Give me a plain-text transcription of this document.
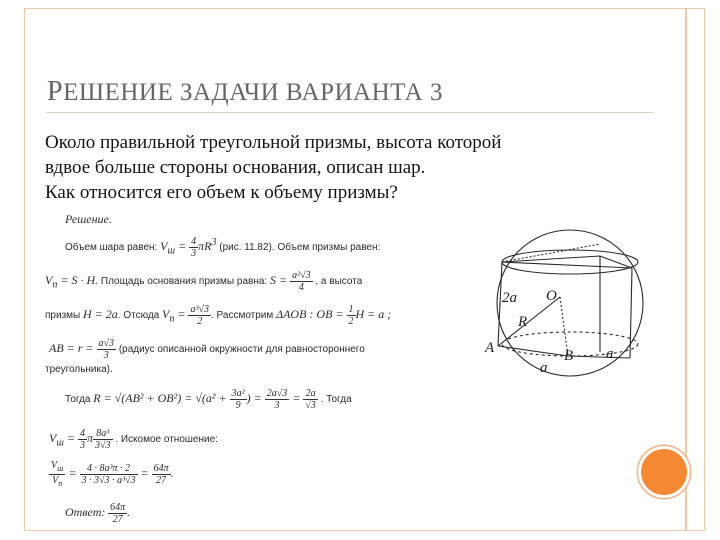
РЕШЕНИЕ ЗАДАЧИ ВАРИАНТА 3
Около правильной треугольной призмы, высота которой
вдвое больше стороны основания, описан шар.
Как относится его объем к объему призмы?
Решение.
Объем шара равен: $V_ш = \frac{4}{3} \pi R^3$ (рис. 11.82). Объем призмы равен:
$V_п = S \cdot H$. Площадь основания призмы равна: $S = \frac{\text{a²√3}}{4}$ , а высота
призмы H = 2a. Отсюда $V_п = \frac{\text{a³√3}}{2}$ . Рассмотрим ΔAOB : OB = $\frac{1}{2}$ H = a ;
AB = $r = \frac{a√3}{3}$ (радиус описанной окружности для равностороннего
треугольника).
Тогда $R = √(AB^2 + OB^2) = √(a^2 + \frac{\text{3a²}}{9}$ ) = $\frac{2a√3}{3} = \frac{2a}{√3}$ . Тогда
$V_ш = \frac{4}{3}$ π $\frac{\text{8a³}}{3√3}$ . Искомое отношение:
$\frac{V_ш}{V_п} = \frac{\text{4 · 8a³π · 2}}{\text{3 · 3√3 · a³√3}} = \frac{64\pi}{27}$ .
Ответ: $\frac{64\pi}{27}$ .
2a O
R
A	B
a
a
